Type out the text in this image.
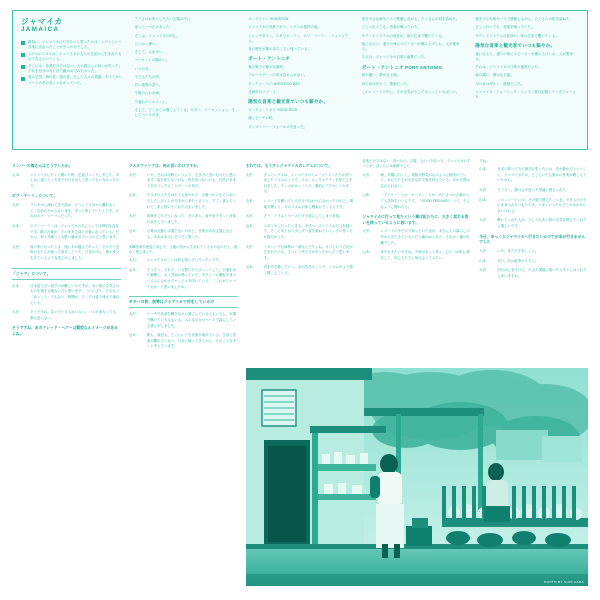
ジャマイカ
JAMAICA
最初に、ジャマイカに行きたいと思ったのは、レゲエという音楽に出会ったことがきっかけでした。
レゲエのリズムは、ジャマイカの人々の生活から生まれたものであるということ。
そこには、音楽だけではない、人の暮らしの匂いがあった。それを自分の耳と目で確かめてみたかった。
島の空気、海の色、風の音、そして人々の笑顔。すべてがレコードの中の音とつながっていた。
アリさのお家とした古い広場の中に、
ぼっと一つだけあった。
そこは、ジャマイカの中心。
とにかく暑い。
そして、人が多い。
マーケットの賑わい。
バスの音。
子どもたちの声。
甘い果物の香り。
午後のにわか雨。
夕暮れのシルエット。
そして、どこからか聞こえてくる、ギター、パーカッション、そしてベースの音。
キングストン KINGSTON
ジャマイカの首都であり、レゲエの発祥の地。
トレンチタウン、スタジオ・ワン、ボブ・マーリィ・ミュージアム。
音の歴史が街のあちこちに残っている。
ポート・アントニオ
東の果ての静かな港町。
ブルーラグーンの青は忘れられない。
モンテゴ・ベイ MONTEGO BAY
北海岸のリゾート。
陽気な音楽と観光客でいつも賑やか。
オーチョ・リオス OCHO RIOS
滝とビーチの町。
ダンズリバー・フォールズを登った。
島を小さな船やバスで移動しながら、たくさんの町を訪ねた。
どこへ行っても、音楽が鳴っていた。
サウンドシステムの低音が、体の芯まで響いてくる。
夜になると、通りの角にスピーカーが積み上げられ、人が集まる。
それは、ジャマイカの日常の風景だった。
ポート・アントニオ PORT ANTONIO
緑の濃い、静かな土地。
川の水は冷たく、透明だった。
このレコードの中に、その空気が少しでも入っていればいい。
島を小さな船やバスで移動しながら、たくさんの町を訪ねた。
どこへ行っても、音楽が鳴っていた。
サウンドシステムの低音が、体の芯まで響いてくる。
陽気な音楽と観光客でいつも賑やか。
夜になると、通りの角にスピーカーが積み上げられ、人が集まる。
それは、ジャマイカの日常の風景だった。
緑の濃い、静かな土地。
川の水は冷たく、透明だった。
ジャマイカ・ミュージック・マップ／旅の記録とインタビューより
メンバーの皆さんはどうでしたか。
山本：	ジャマイカに行くと聞いた時、正直びっくりしました。あんなに遠いところまで行けるなんて思ってもいなかったので。
ボブ・マーリィについて。
大沢：	ラジオから流れてきた曲が、どうしても耳から離れなくて。名前もわからないまま、ずっと探していたんです。それがボブ・マーリィだった。
山本：	ボブ・マーリィは、ジャマイカの人にとっては特別な存在です。歌の言葉が、そのまま生活の言葉になっている。だから、何十年経っても歌い継がれているのだと思います。
大沢：	彼の家に行ったとき、庭に木が植えてあって、その下で近所の人たちが座って話をしていた。日常の中に、彼がまだ生きているような感じがしました。
「ジャマ」について。
山本：	日本語で言い表すのが難しいのですが、あの島の空気そのものを指す言葉なんだと思います。「のんびり」でもなく「ゆっくり」でもない。時間が、そこだけ違う速さで流れている。
大沢：	そうですね。急いでいる人がいない。バスが来なくても、誰も怒らない。
そうですね、あのドレッド・ヘアーは髪型なんイメージがあるよね。
ラスタファリアは、何か言いわけですか。
大沢：	いや、それは宗教というより、生き方に近いものだと思います。髪を切らないのも、肉を食べないのも、自然のままであろうとすることの一つの形で。
山本：	ラスタの人たちはとても穏やかで、言葉づかいもていねいでした。ぼくらが日本から来たと言うと、すごく喜んでくれて、家に招いてくれた人もいました。
大沢：	食事をごちそうになって、そのあと、夜中までずっと音楽の話をしていました。
山本：	言葉は完璧には通じないけれど、音楽があれば通じ合える。あれは本当にそうだと思った。
沖縄音楽や民謡と同じで、土地の音から生まれてくるものなのだと、改めて感じました。
大沢：	ジャマイカのことは何も知らずに行ったんです。
山本：	そうそう。それで、いざ着いたらびっくりして。空港を出た瞬間に、もう音楽が鳴っていて、タクシーの運転手までリズムに合わせてハンドルを叩いている。「これがジャマイカか」と思いましたね。
ギターの音、彼等はジャマイカで何をしているの
大沢：	ビーチで音楽を聴きながら過ごしている人もいるし、市場で働いている人もいる。みんな自分のペースで暮らしている感じがしました。
山本：	街も、海辺も、どこにいても音楽が流れている。生活と音楽が離れていない。日本に帰ってきてから、そのことをずっと考えています。
それでは、もう少しジャマイカのレゲエについて。
大沢：	ざっとレゲエは、ジャマイカのミュージシャンたちが作り出したリズムのことで、スカ、ロックステディを経て生まれました。テンポがゆっくりで、裏拍にアクセントがある。
山本：	レコードを聴いているだけではわからなかったけれど、現地で聴くと、あのリズムが体に馴染んでくるんです。
大沢：	そう、ドラムとベースだけで成立してしまう音楽。
山本：	スタジオに行ったときも、まずベースとドラムだけを録って、そこにあとから少しずつ音を重ねていく。その作り方が面白かった。
大沢：	ミキシングも演奏の一部なんですよね。ダブという方法が生まれたのも、そういう考え方があったからだと思います。
山本：	音を引き算していく。余白を作ることで、リズムがより強く聞こえてくる。
音楽だけではなく、食べもの、言葉、人のつきあい方。ジャマイカのすべてが、ぼくらには新鮮でした。
大沢：	朝、市場に行くと、果物や野菜が山のように積まれていて、女の人たちが大きな声で客を呼んでいる。あの光景は忘れられない。
山本：	「アイリー」とか「ヤーマン」とか、あいさつの言葉がとても気持ちいいんです。「GOOD FEELING?」って、そんなふうに聞かれる。
ジャマイカに行って見たという事は私たちに、大きく変わる思いを持っているように思います。
大沢：	レコードの中だけで知っていた音が、本当に人の暮らしの中から出てきているのだと確かめられた。それが一番の収穫でした。
山本：	また行きたいですね。今度はもっと長く、ひとつの町に滞在して、同じ人たちと毎日会ってみたい。
すね。
山本：	日本に帰ってきて最初に思ったのは、音が静かだということ。ジャマイカでは、どこにいても誰かの音楽が聞こえていたから。
大沢：	そうそう。静けさが逆に不思議に感じられた。
山本：	このレコードには、その旅で感じたことを、できるだけそのまま入れたつもりです。うまくいったかどうかはわからないけれど。
大沢：	聴いてくれた人が、少しでもあの島の空気を感じてくれたら嬉しいです。
今日、ゆっくりジャマイカへ行きたいかけでが本が行きませんでした
大沢：	いや、また行きましょう。
山本：	ぜひ。次は乾季のうちに。
大沢：	同行はしますけど、たぶん現地に着いたらすぐにはぐれてしまいますね。
PHOTO BY SHIN HADA
